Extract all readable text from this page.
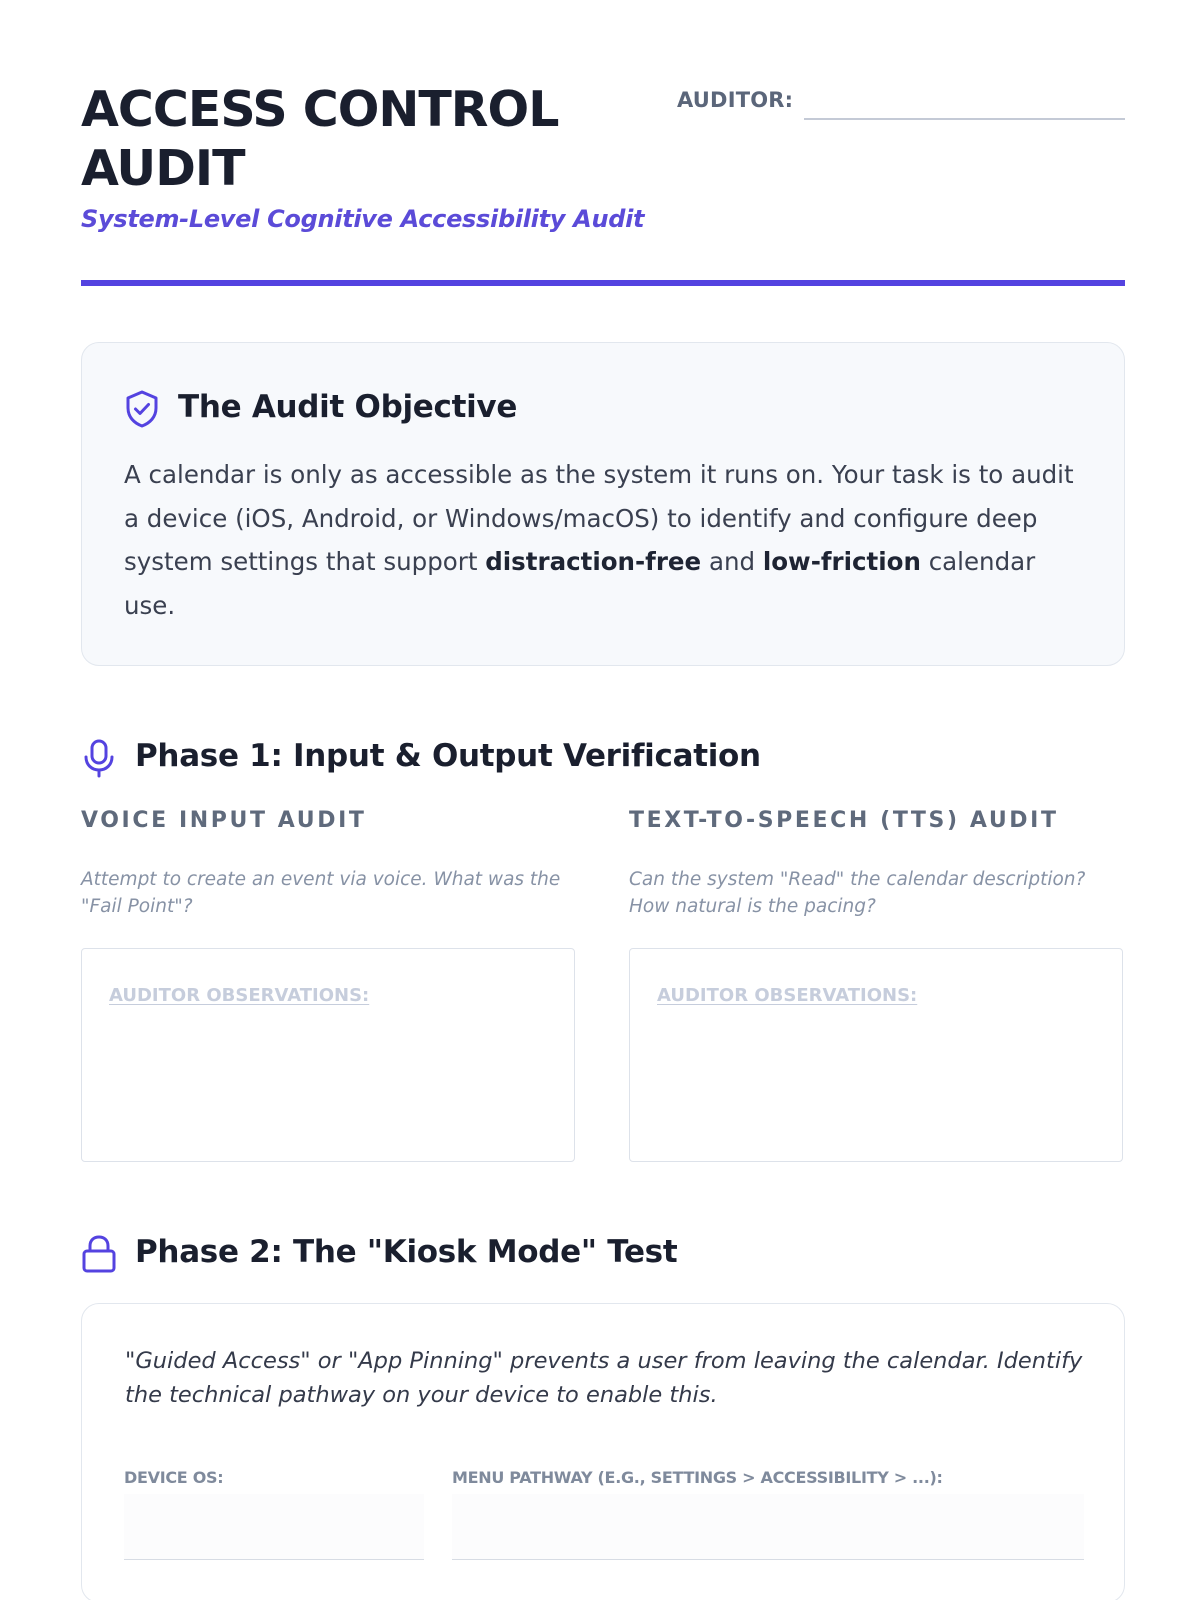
ACCESS CONTROL AUDIT
System-Level Cognitive Accessibility Audit
AUDITOR:
The Audit Objective

A calendar is only as accessible as the system it runs on. Your task is to audit a device (iOS, Android, or Windows/macOS) to identify and configure deep system settings that support distraction-free and low-friction calendar use.

Phase 1: Input & Output Verification
VOICE INPUT AUDIT
Attempt to create an event via voice. What was the "Fail Point"?
AUDITOR OBSERVATIONS:
TEXT-TO-SPEECH (TTS) AUDIT
Can the system "Read" the calendar description? How natural is the pacing?
AUDITOR OBSERVATIONS:
Phase 2: The "Kiosk Mode" Test

"Guided Access" or "App Pinning" prevents a user from leaving the calendar. Identify the technical pathway on your device to enable this.

DEVICE OS:	MENU PATHWAY (E.G., SETTINGS > ACCESSIBILITY > ...):
